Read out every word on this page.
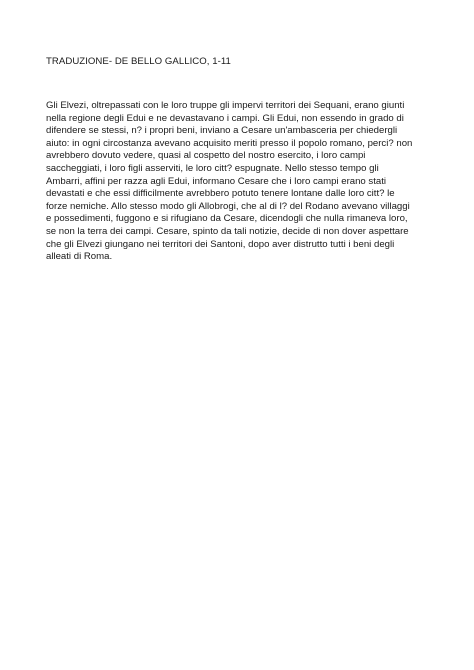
TRADUZIONE- DE BELLO GALLICO, 1-11
Gli Elvezi, oltrepassati con le loro truppe gli impervi territori dei Sequani, erano giunti
nella regione degli Edui e ne devastavano i campi. Gli Edui, non essendo in grado di
difendere se stessi, n? i propri beni, inviano a Cesare un'ambasceria per chiedergli
aiuto: in ogni circostanza avevano acquisito meriti presso il popolo romano, perci? non
avrebbero dovuto vedere, quasi al cospetto del nostro esercito, i loro campi
saccheggiati, i loro figli asserviti, le loro citt? espugnate. Nello stesso tempo gli
Ambarri, affini per razza agli Edui, informano Cesare che i loro campi erano stati
devastati e che essi difficilmente avrebbero potuto tenere lontane dalle loro citt? le
forze nemiche. Allo stesso modo gli Allobrogi, che al di l? del Rodano avevano villaggi
e possedimenti, fuggono e si rifugiano da Cesare, dicendogli che nulla rimaneva loro,
se non la terra dei campi. Cesare, spinto da tali notizie, decide di non dover aspettare
che gli Elvezi giungano nei territori dei Santoni, dopo aver distrutto tutti i beni degli
alleati di Roma.
